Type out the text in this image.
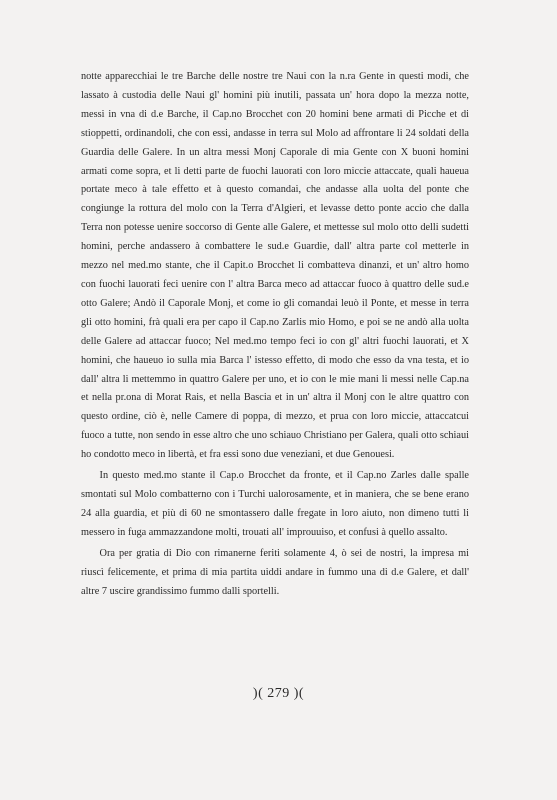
notte apparecchiai le tre Barche delle nostre tre Naui con la n.ra Gente in questi modi, che lassato à custodia delle Naui gl' homini più inutili, passata un' hora dopo la mezza notte, messi in vna di d.e Barche, il Cap.no Brocchet con 20 homini bene armati di Picche et di stioppetti, ordinandoli, che con essi, andasse in terra sul Molo ad affrontare li 24 soldati della Guardia delle Galere. In un altra messi Monj Caporale di mia Gente con X buoni homini armati come sopra, et li detti parte de fuochi lauorati con loro miccie attaccate, quali haueua portate meco à tale effetto et à questo comandai, che andasse alla uolta del ponte che congiunge la rottura del molo con la Terra d'Algieri, et levasse detto ponte accio che dalla Terra non potesse uenire soccorso di Gente alle Galere, et mettesse sul molo otto delli sudetti homini, perche andassero à combattere le sud.e Guardie, dall' altra parte col metterle in mezzo nel med.mo stante, che il Capit.o Brocchet li combatteva dinanzi, et un' altro homo con fuochi lauorati feci uenire con l' altra Barca meco ad attaccar fuoco à quattro delle sud.e otto Galere; Andò il Caporale Monj, et come io gli comandai leuò il Ponte, et messe in terra gli otto homini, frà quali era per capo il Cap.no Zarlis mio Homo, e poi se ne andò alla uolta delle Galere ad attaccar fuoco; Nel med.mo tempo feci io con gl' altri fuochi lauorati, et X homini, che haueuo io sulla mia Barca l' istesso effetto, di modo che esso da vna testa, et io dall' altra li mettemmo in quattro Galere per uno, et io con le mie mani li messi nelle Cap.na et nella pr.ona di Morat Rais, et nella Bascia et in un' altra il Monj con le altre quattro con questo ordine, ciò è, nelle Camere di poppa, di mezzo, et prua con loro miccie, attaccatcui fuoco a tutte, non sendo in esse altro che uno schiauo Christiano per Galera, quali otto schiaui ho condotto meco in libertà, et fra essi sono due veneziani, et due Genouesi.

In questo med.mo stante il Cap.o Brocchet da fronte, et il Cap.no Zarles dalle spalle smontati sul Molo combatterno con i Turchi ualorosamente, et in maniera, che se bene erano 24 alla guardia, et più di 60 ne smontassero dalle fregate in loro aiuto, non dimeno tutti li messero in fuga ammazzandone molti, trouati all' improuuiso, et confusi à quello assalto.

Ora per gratia di Dio con rimanerne feriti solamente 4, ò sei de nostri, la impresa mi riuscì felicemente, et prima di mia partita uiddi andare in fummo una di d.e Galere, et dall' altre 7 uscire grandissimo fummo dalli sportelli.

)( 279 )(
